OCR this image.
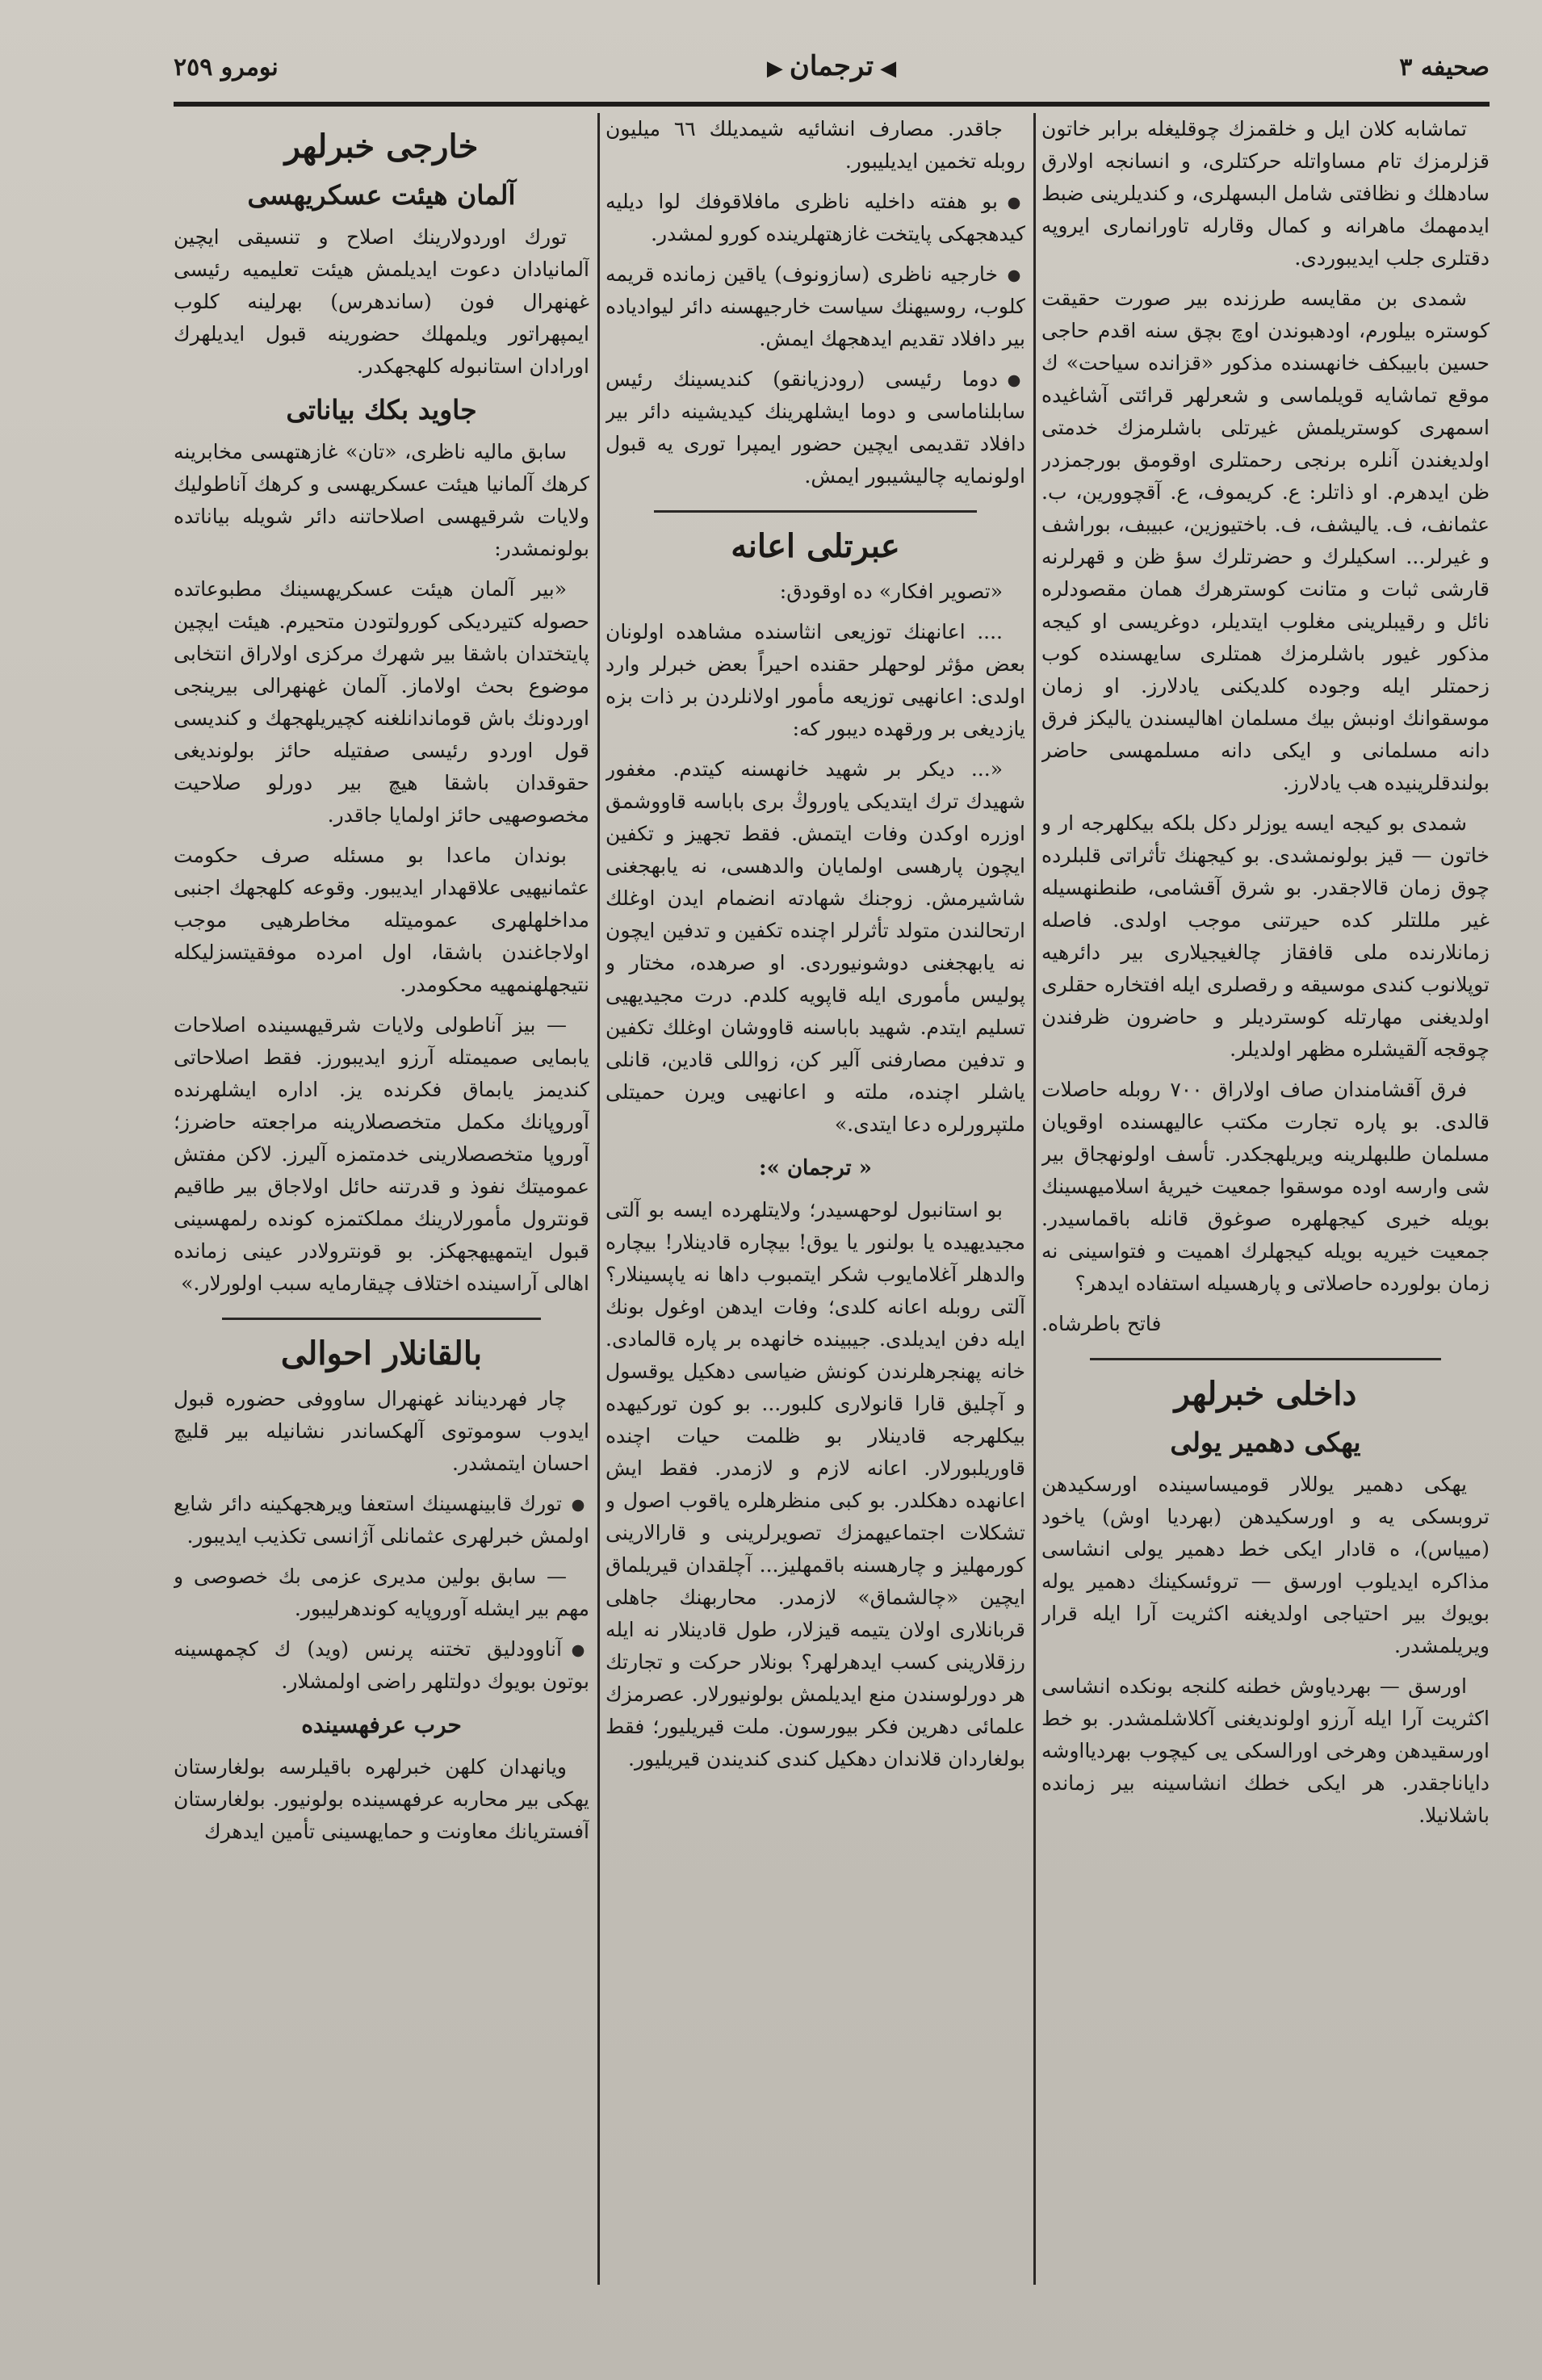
صحیفه ٣
◀ترجمان▶
نومرو ٢٥٩

تماشابه كلان ايل و خلقمزك چوقلیغله برابر خاتون قزلرمزك تام مساواتله حركتلری، و انسانجه اولارق سادهلك و نظافتی شامل البسهلری، و كندیلرینی ضبط ایدمهمك ماهرانه و كمال وقارله تاورانماری ایروپه دقتلری جلب ایدیبوردی.

شمدی بن مقايسه طرزنده بير صورت حقيقت كوستره بیلورم، اودهبوندن اوچ بچق سنه اقدم حاجی حسين بابيبكف خانهسنده مذكور «قزانده سیاحت» ك موقع تماشايه قويلماسی و شعرلهر قرائتی آشاغيده اسمهری كوستريلمش غيرتلی باشلرمزك خدمتی اولديغندن آنلره برنجی رحمتلری اوقومق بورجمزدر ظن ايدهرم. او ذاتلر: ع. كریموف، ع. آقچوورین، ب. عثمانف، ف. ياليشف، ف. باختیوزین، عبیبف، بوراشف و غیرلر... اسكيلرك و حضرتلرك سؤ ظن و قهرلرنه قارشی ثبات و متانت كوسترهرك همان مقصودلره نائل و رقيبلرينی مغلوب ايتديلر، دوغریسی او كیجه مذكور غيور باشلرمزك همتلری سایهسنده كوب زحمتلر ايله وجوده كلديكنی یادلارز. او زمان موسقوانك اونبش بيك مسلمان اهالیسندن یالیکز فرق دانه مسلمانی و ایكی دانه مسلمهسی حاضر بولندقلرينیده هب يادلارز.

شمدی بو كیجه ایسه یوزلر دكل بلكه بيكلهرجه ار و خاتون — قيز بولونمشدی. بو كيجهنك تأثراتی قلبلرده چوق زمان قالاجقدر. بو شرق آقشامی، طنطنهسيله غير مللتلر كده حيرتنی موجب اولدی. فاصله زمانلارنده ملی قافقاز چالغيجيلاری بير دائرهيه توپلانوب كندی موسيقه و رقصلری ايله افتخاره حقلری اولديغنی مهارتله كوسترديلر و حاضرون ظرفندن چوقجه آلقيشلره مظهر اولديلر.

فرق آقشامندان صاف اولاراق ٧٠٠ روبله حاصلات قالدی. بو پاره تجارت مكتب عاليهسنده اوقويان مسلمان طلبهلرينه ويريلهجكدر. تأسف اولونهجاق بير شی وارسه اوده موسقوا جمعيت خيريۀ اسلاميهسينك بويله خيری كيجهلهره صوغوق قانله باقماسيدر. جمعيت خيريه بويله كيجهلرك اهميت و فتواسينی نه زمان بولورده حاصلاتی و پارهسيله استفاده ايدهر؟

فاتح باطرشاه.
داخلی خبرلهر
يهكی دهمير يولی

يهكی دهمير يوللار قوميساسينده اورسكيدهن تروبسكی يه و اورسكيدهن (بهرديا اوش) ياخود (ميياس)، ه قادار ايكی خط دهمير يولی انشاسی مذاكره ايدیلوب اورسق — تروئسكینك دهمير يوله بويوك بير احتياجی اولديغنه اكثريت آرا ايله قرار ويريلمشدر.

اورسق — بهردياوش خطنه كلنجه بونكده انشاسی اكثريت آرا ايله آرزو اولونديغنی آكلاشلمشدر. بو خط اورسقيدهن وهرخی اورالسكی يی كيچوب بهرديااوشه داياناجقدر. هر ايكی خطك انشاسينه بير زمانده باشلانيلا.

جاقدر. مصارف انشائيه شيمديلك ٦٦ ميليون روبله تخمين ايديليبور.

بو هفته داخليه ناظری مافلاقوفك لوا دیلیه كيدهجهكی پايتخت غازهتهلرينده كورو لمشدر.

خارجيه ناظری (سازونوف) ياقين زمانده قريمه كلوب، روسيهنك سياست خارجيهسنه دائر لیوادياده بير دافلاد تقديم ايدهجهك ايمش.

دوما رئيسی (رودزيانقو) كنديسينك رئيس سابلناماسی و دوما ايشلهرينك كيديشينه دائر بير دافلاد تقديمی ايچين حضور ايمپرا توری يه قبول اولونمايه چاليشيبور ايمش.

عبرتلی اعانه

«تصوير افكار» ده اوقودق:

.... اعانهنك توزيعی انثاسنده مشاهده اولونان بعض مؤثر لوحهلر حقنده احيراً بعض خبرلر وارد اولدی: اعانهيی توزيعه مأمور اولانلردن بر ذات بزه يازديغی بر ورقهده ديبور كه:

«... ديكر بر شهيد خانهسنه كيتدم. مغفور شهيدك ترك ايتديكی ياوروڭ بری باباسه قاووشمق اوزره اوكدن وفات ايتمش. فقط تجهيز و تكفين ايچون پارهسی اولمايان والدهسی، نه يابهجغنی شاشيرمش. زوجنك شهادته انضمام ايدن اوغلك ارتحالندن متولد تأثرلر اچنده تكفين و تدفين ايچون نه يابهجغنی دوشونيوردی. او صرهده، مختار و پوليس مأموری ايله قاپويه كلدم. درت مجيديهيی تسليم ايتدم. شهيد باباسنه قاووشان اوغلك تكفين و تدفين مصارفنی آلير كن، زواللی قادين، قانلی ياشلر اچنده، ملته و اعانهيی ويرن حميتلی ملتپرورلره دعا ايتدی.»

« ترجمان »:

بو استانبول لوحهسیدر؛ ولايتلهرده ايسه بو آلتی مجيديهيده يا بولنور يا يوق! بيچاره قادينلار! بيچاره والدهلر آغلامايوب شكر ايتمبوب داها نه ياپسينلار؟ آلتی روبله اعانه كلدی؛ وفات ايدهن اوغول بونك ايله دفن ايديلدی. جيبينده خانهده بر پاره قالمادی. خانه پهنجرهلرندن كونش ضياسی دهكيل يوقسول و آچليق قارا قانولاری كلبور... بو كون توركيهده بيكلهرجه قادينلار بو ظلمت حيات اچنده قاوريلبورلار. اعانه لازم و لازمدر. فقط ايش اعانهده دهكلدر. بو كبی منظرهلره ياقوب اصول و تشكلات اجتماعيهمزك تصويرلرينی و قارالارينی كورمهليز و چارهسنه باقمهليز... آچلقدان قيريلماق ايچين «چالشماق» لازمدر. محاربهنك جاهلی قربانلاری اولان يتيمه قيزلار، طول قادينلار نه ايله رزقلارينی كسب ايدهرلهر؟ بونلار حركت و تجارتك هر دورلوسندن منع ايديلمش بولونيورلار. عصرمزك علمائی دهرين فكر بيورسون. ملت قيريليور؛ فقط بولغاردان قلاندان دهكيل كندی كنديندن قيريليور.

خارجی خبرلهر
آلمان هيئت عسكريهسی

تورك اوردولارينك اصلاح و تنسيقی ايچين آلمانيادان دعوت ايديلمش هيئت تعليميه رئيسی غهنهرال فون (ساندهرس) بهرلينه كلوب ايمپهراتور ويلمهلك حضورينه قبول ايديلهرك اورادان استانبوله كلهجهكدر.

جاويد بكك بياناتی

سابق ماليه ناظری، «تان» غازهتهسی مخابرينه كرهك آلمانيا هيئت عسكريهسی و كرهك آناطوليك ولايات شرقيهسی اصلاحاتنه دائر شويله بياناتده بولونمشدر:

«بير آلمان هيئت عسكريهسينك مطبوعاتده حصوله كتيرديكی كورولتودن متحيرم. هيئت ايچين پايتختدان باشقا بير شهرك مركزی اولاراق انتخابی موضوع بحث اولاماز. آلمان غهنهرالی بيرينجی اوردونك باش قوماندانلغنه كچيريلهجهك و كنديسی قول اوردو رئيسی صفتيله حائز بولونديغی حقوقدان باشقا هيچ بير دورلو صلاحيت مخصوصهيی حائز اولمايا جاقدر.

بوندان ماعدا بو مسئله صرف حكومت عثمانيهيی علاقهدار ايديبور. وقوعه كلهجهك اجنبی مداخلهلهری عموميتله مخاطرهيی موجب اولاجاغندن باشقا، اول امرده موفقيتسزليكله نتيجهلهنمهيه محكومدر.

— بيز آناطولی ولايات شرقيهسينده اصلاحات يابمايی صميمتله آرزو ايديبورز. فقط اصلاحاتی كنديمز يابماق فكرنده يز. اداره ايشلهرنده آوروپانك مكمل متخصصلارينه مراجعته حاضرز؛ آوروپا متخصصلارينی خدمتمزه آليرز. لاكن مفتش عموميتك نفوذ و قدرتنه حائل اولاجاق بير طاقيم قونترول مأمورلارينك مملكتمزه كونده رلمهسينی قبول ايتمهيهجهكز. بو قونترولادر عينی زمانده اهالی آراسينده اختلاف چيقارمايه سبب اولورلار.»

بالقانلار احوالی

چار فهرديناند غهنهرال ساووفی حضوره قبول ايدوب سوموتوی آلهكساندر نشانيله بير قليچ احسان ايتمشدر.

تورك قابينهسينك استعفا ويرهجهكينه دائر شايع اولمش خبرلهری عثمانلی آژانسی تكذيب ايديبور.

— سابق بولين مديری عزمی بك خصوصی و مهم بير ايشله آوروپايه كوندهرليبور.

آناوودليق تختنه پرنس (ويد) ك كچمهسينه بوتون بويوك دولتلهر راضی اولمشلار.

حرب عرفهسينده

ويانهدان كلهن خبرلهره باقيلرسه بولغارستان يهكی بير محاربه عرفهسينده بولونيور. بولغارستان آفستريانك معاونت و حمايهسينی تأمين ايدهرك
